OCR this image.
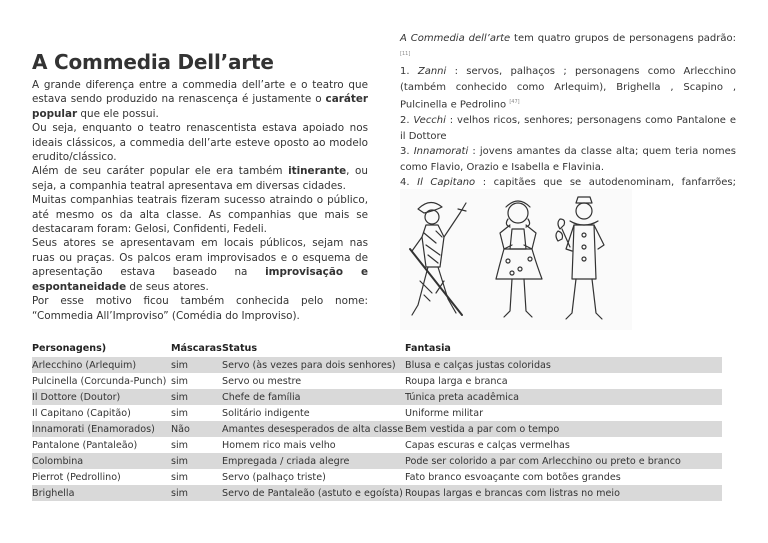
A Commedia Dell’arte

A grande diferença entre a commedia dell’arte e o teatro que estava sendo produzido na renascença é justamente o caráter popular que ele possui.

Ou seja, enquanto o teatro renascentista estava apoiado nos ideais clássicos, a commedia dell’arte esteve oposto ao modelo erudito/clássico.

Além de seu caráter popular ele era também itinerante, ou seja, a companhia teatral apresentava em diversas cidades.

Muitas companhias teatrais fizeram sucesso atraindo o público, até mesmo os da alta classe. As companhias que mais se destacaram foram: Gelosi, Confidenti, Fedeli.

Seus atores se apresentavam em locais públicos, sejam nas ruas ou praças. Os palcos eram improvisados e o esquema de apresentação estava baseado na improvisação e espontaneidade de seus atores.

Por esse motivo ficou também conhecida pelo nome: “Commedia All’Improviso” (Comédia do Improviso).

A Commedia dell’arte tem quatro grupos de personagens padrão: [11]

1. Zanni : servos, palhaços ; personagens como Arlecchino (também conhecido como Arlequim), Brighella , Scapino , Pulcinella e Pedrolino [47]

2. Vecchi : velhos ricos, senhores; personagens como Pantalone e il Dottore

3. Innamorati : jovens amantes da classe alta; quem teria nomes como Flavio, Orazio e Isabella e Flavinia.

4. Il Capitano : capitães que se autodenominam, fanfarrões;

Personagens)	Máscaras	Status	Fantasia
Arlecchino (Arlequim)	sim	Servo (às vezes para dois senhores)	Blusa e calças justas coloridas
Pulcinella (Corcunda-Punch)	sim	Servo ou mestre	Roupa larga e branca
Il Dottore (Doutor)	sim	Chefe de família	Túnica preta acadêmica
Il Capitano (Capitão)	sim	Solitário indigente	Uniforme militar
Innamorati (Enamorados)	Não	Amantes desesperados de alta classe	Bem vestida a par com o tempo
Pantalone (Pantaleão)	sim	Homem rico mais velho	Capas escuras e calças vermelhas
Colombina	sim	Empregada / criada alegre	Pode ser colorido a par com Arlecchino ou preto e branco
Pierrot (Pedrollino)	sim	Servo (palhaço triste)	Fato branco esvoaçante com botões grandes
Brighella	sim	Servo de Pantaleão (astuto e egoísta)	Roupas largas e brancas com listras no meio
